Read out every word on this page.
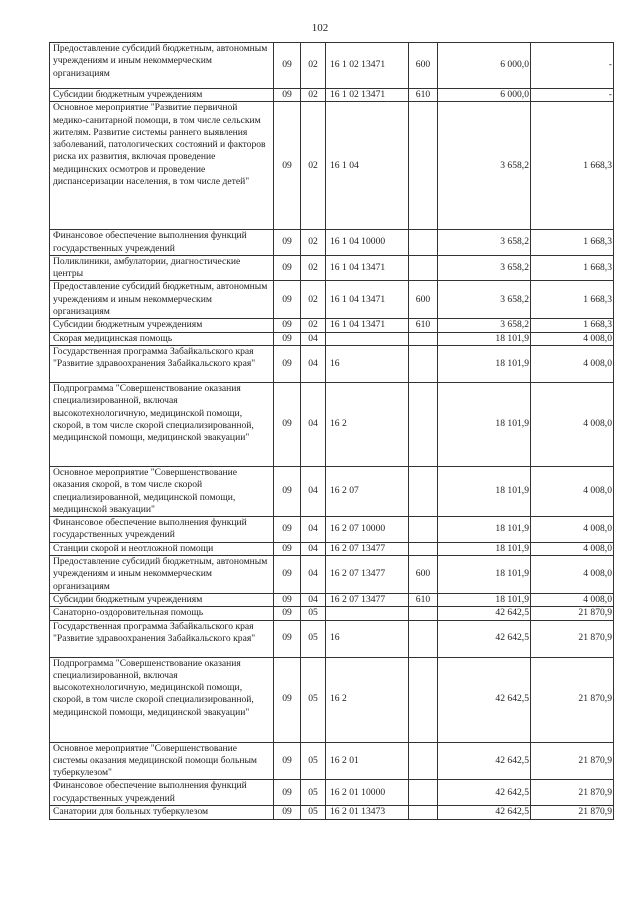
102
Предоставление субсидий бюджетным, автономным учреждениям и иным некоммерческим организациям	09	02	16 1 02 13471	600	6 000,0	-
Субсидии бюджетным учреждениям	09	02	16 1 02 13471	610	6 000,0	-
Основное мероприятие "Развитие первичной медико-санитарной помощи, в том числе сельским жителям. Развитие системы раннего выявления заболеваний, патологических состояний и факторов риска их развития, включая проведение медицинских осмотров и проведение диспансеризации населения, в том числе детей"	09	02	16 1 04		3 658,2	1 668,3
Финансовое обеспечение выполнения функций государственных учреждений	09	02	16 1 04 10000		3 658,2	1 668,3
Поликлиники, амбулатории, диагностические центры	09	02	16 1 04 13471		3 658,2	1 668,3
Предоставление субсидий бюджетным, автономным учреждениям и иным некоммерческим организациям	09	02	16 1 04 13471	600	3 658,2	1 668,3
Субсидии бюджетным учреждениям	09	02	16 1 04 13471	610	3 658,2	1 668,3
Скорая медицинская помощь	09	04			18 101,9	4 008,0
Государственная программа Забайкальского края "Развитие здравоохранения Забайкальского края"	09	04	16		18 101,9	4 008,0
Подпрограмма "Совершенствование оказания специализированной, включая высокотехнологичную, медицинской помощи, скорой, в том числе скорой специализированной, медицинской помощи, медицинской эвакуации"	09	04	16 2		18 101,9	4 008,0
Основное мероприятие "Совершенствование оказания скорой, в том числе скорой специализированной, медицинской помощи, медицинской эвакуации"	09	04	16 2 07		18 101,9	4 008,0
Финансовое обеспечение выполнения функций государственных учреждений	09	04	16 2 07 10000		18 101,9	4 008,0
Станции скорой и неотложной помощи	09	04	16 2 07 13477		18 101,9	4 008,0
Предоставление субсидий бюджетным, автономным учреждениям и иным некоммерческим организациям	09	04	16 2 07 13477	600	18 101,9	4 008,0
Субсидии бюджетным учреждениям	09	04	16 2 07 13477	610	18 101,9	4 008,0
Санаторно-оздоровительная помощь	09	05			42 642,5	21 870,9
Государственная программа Забайкальского края "Развитие здравоохранения Забайкальского края"	09	05	16		42 642,5	21 870,9
Подпрограмма "Совершенствование оказания специализированной, включая высокотехнологичную, медицинской помощи, скорой, в том числе скорой специализированной, медицинской помощи, медицинской эвакуации"	09	05	16 2		42 642,5	21 870,9
Основное мероприятие "Совершенствование системы оказания медицинской помощи больным туберкулезом"	09	05	16 2 01		42 642,5	21 870,9
Финансовое обеспечение выполнения функций государственных учреждений	09	05	16 2 01 10000		42 642,5	21 870,9
Санатории для больных туберкулезом	09	05	16 2 01 13473		42 642,5	21 870,9
